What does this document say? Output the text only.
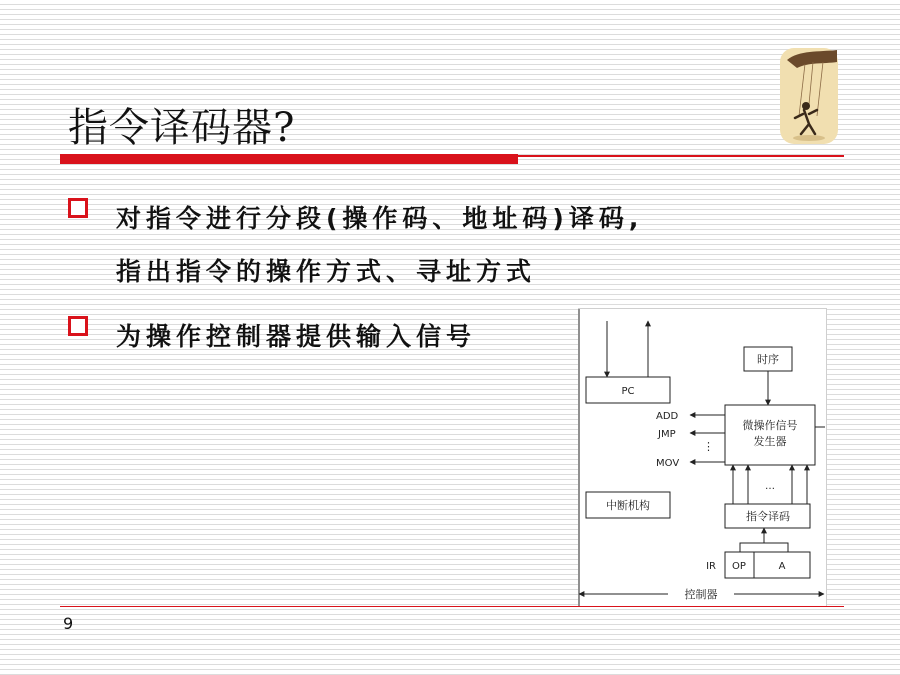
指令译码器?
对指令进行分段(操作码、地址码)译码,
指出指令的操作方式、寻址方式
为操作控制器提供输入信号
PC
时序
微操作信号
发生器
ADD
JMP
⋮
MOV
…
中断机构
指令译码
IR OP	A
控制器
9
